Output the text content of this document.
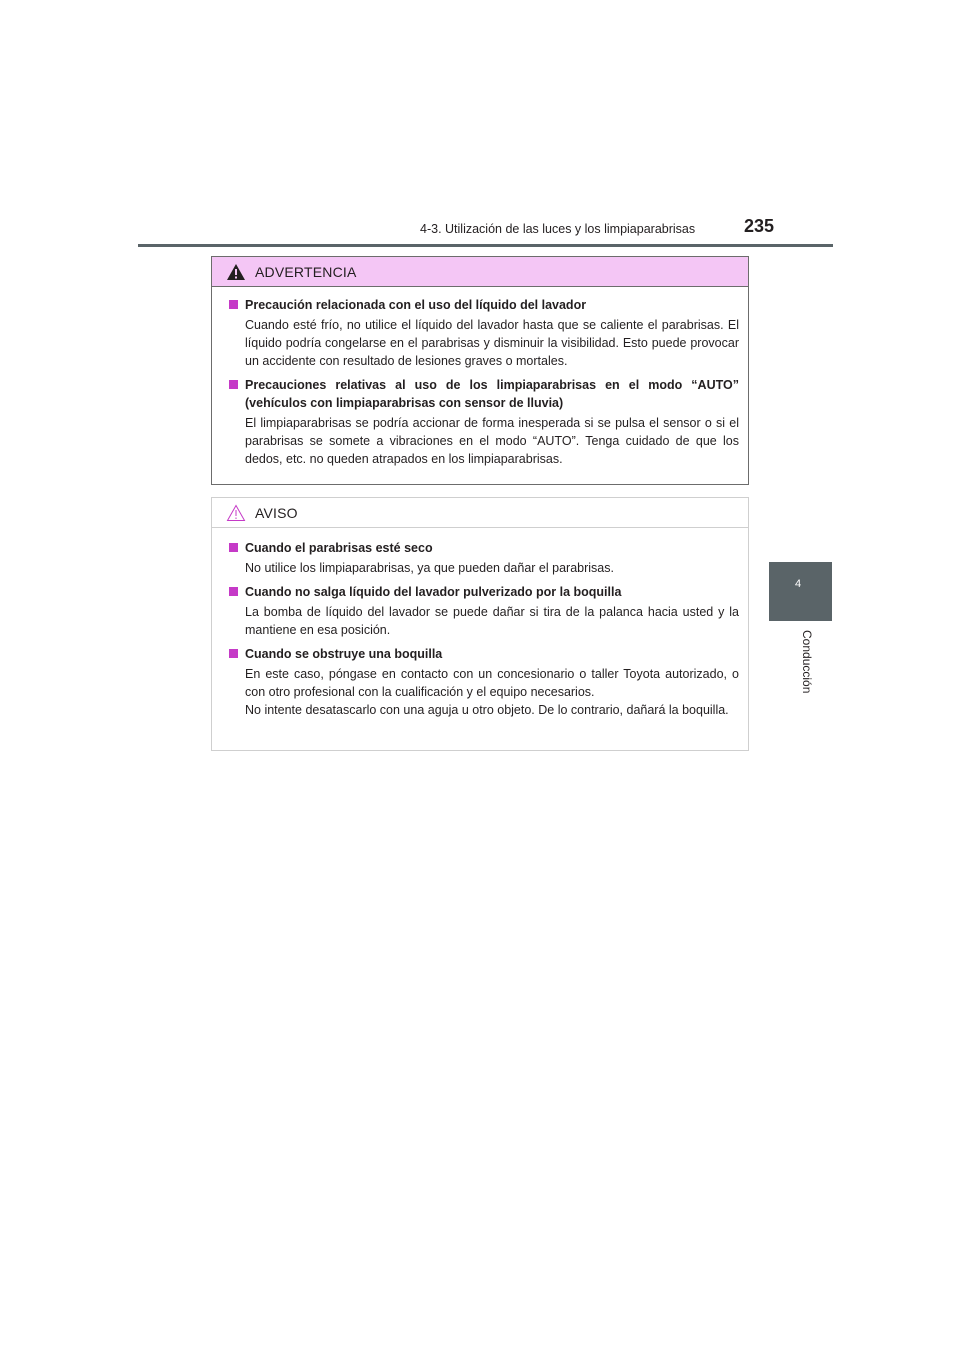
4-3. Utilización de las luces y los limpiaparabrisas	235
4
Conducción
ADVERTENCIA
Precaución relacionada con el uso del líquido del lavador
Cuando esté frío, no utilice el líquido del lavador hasta que se caliente el parabrisas. El líquido podría congelarse en el parabrisas y disminuir la visibilidad. Esto puede provocar un accidente con resultado de lesiones graves o mortales.
Precauciones relativas al uso de los limpiaparabrisas en el modo “AUTO” (vehículos con limpiaparabrisas con sensor de lluvia)
El limpiaparabrisas se podría accionar de forma inesperada si se pulsa el sensor o si el parabrisas se somete a vibraciones en el modo “AUTO”. Tenga cuidado de que los dedos, etc. no queden atrapados en los limpiaparabrisas.
AVISO
Cuando el parabrisas esté seco
No utilice los limpiaparabrisas, ya que pueden dañar el parabrisas.
Cuando no salga líquido del lavador pulverizado por la boquilla
La bomba de líquido del lavador se puede dañar si tira de la palanca hacia usted y la mantiene en esa posición.
Cuando se obstruye una boquilla

En este caso, póngase en contacto con un concesionario o taller Toyota autorizado, o con otro profesional con la cualificación y el equipo necesarios.

No intente desatascarlo con una aguja u otro objeto. De lo contrario, dañará la boquilla.
